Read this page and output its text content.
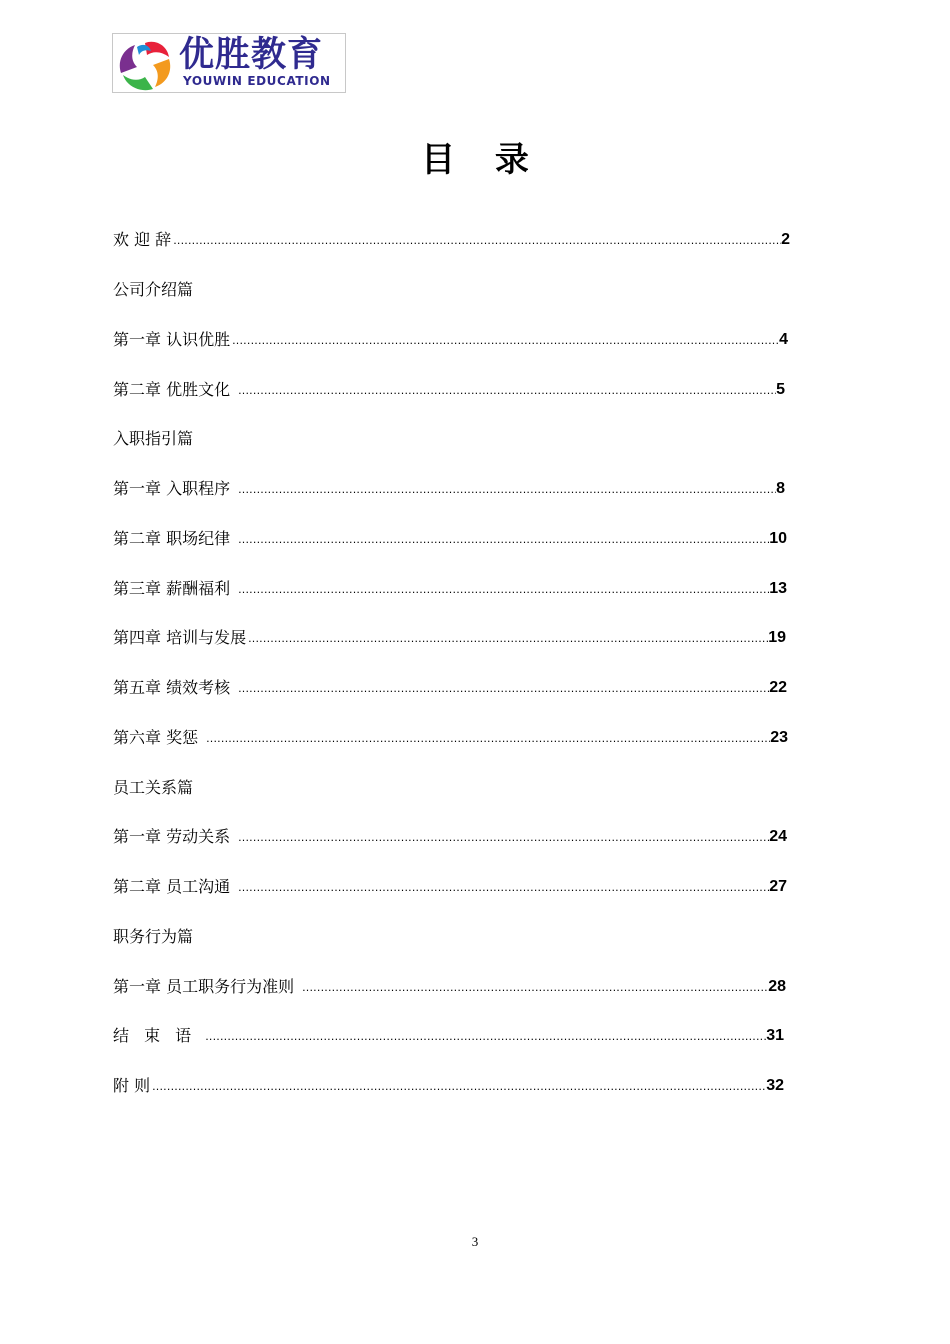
优胜教育
YOUWIN EDUCATION
目 录
欢 迎 辞 .....	2
公司介绍篇
第一章 认识优胜 .....	4
第二章 优胜文化 .....	5
入职指引篇
第一章 入职程序 .....	8
第二章 职场纪律 .....	10
第三章 薪酬福利 .....	13
第四章 培训与发展 .....	19
第五章 绩效考核 .....	22
第六章 奖惩 .....	23
员工关系篇
第一章 劳动关系 .....	24
第二章 员工沟通 .....	27
职务行为篇
第一章 员工职务行为准则 .....	28
结 束 语 .....	31
附 则 .....	32
3
